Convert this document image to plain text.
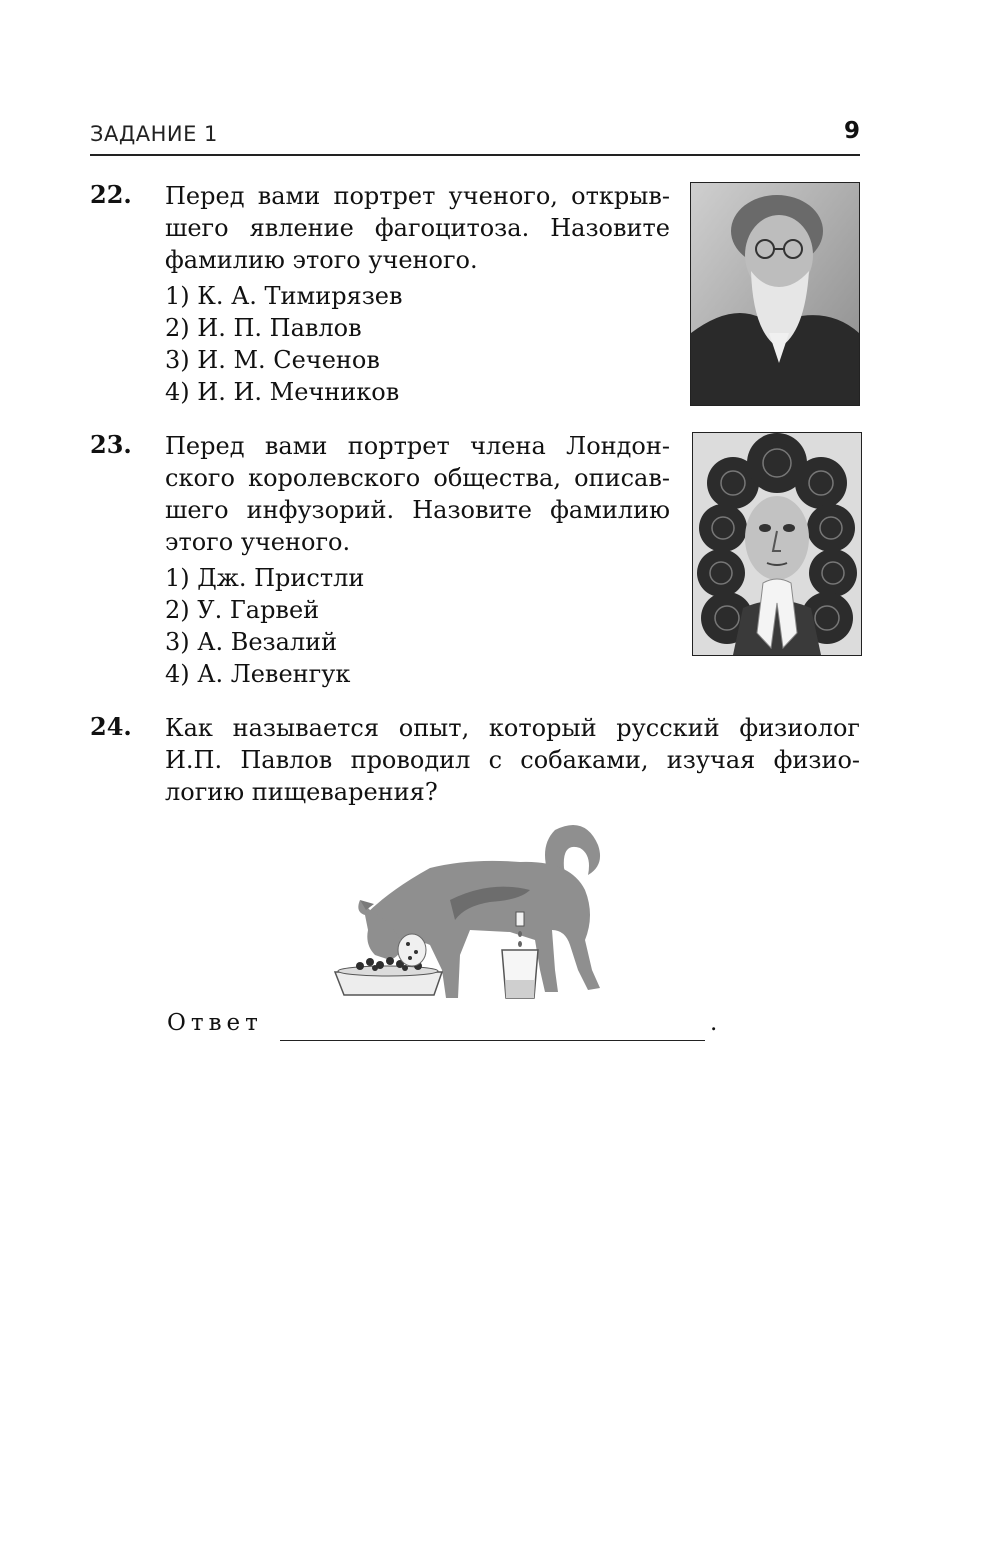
ЗАДАНИЕ 1	9
22. Перед вами портрет ученого, открыв-
шего явление фагоцитоза. Назовите
фамилию этого ученого.
1) К. А. Тимирязев
2) И. П. Павлов
3) И. М. Сеченов
4) И. И. Мечников
23. Перед вами портрет члена Лондон-
ского королевского общества, описав-
шего инфузорий. Назовите фамилию
этого ученого.
1) Дж. Пристли
2) У. Гарвей
3) А. Везалий
4) А. Левенгук
24. Как называется опыт, который русский физиолог
И.П. Павлов проводил с собаками, изучая физио-
логию пищеварения?
Ответ	.
